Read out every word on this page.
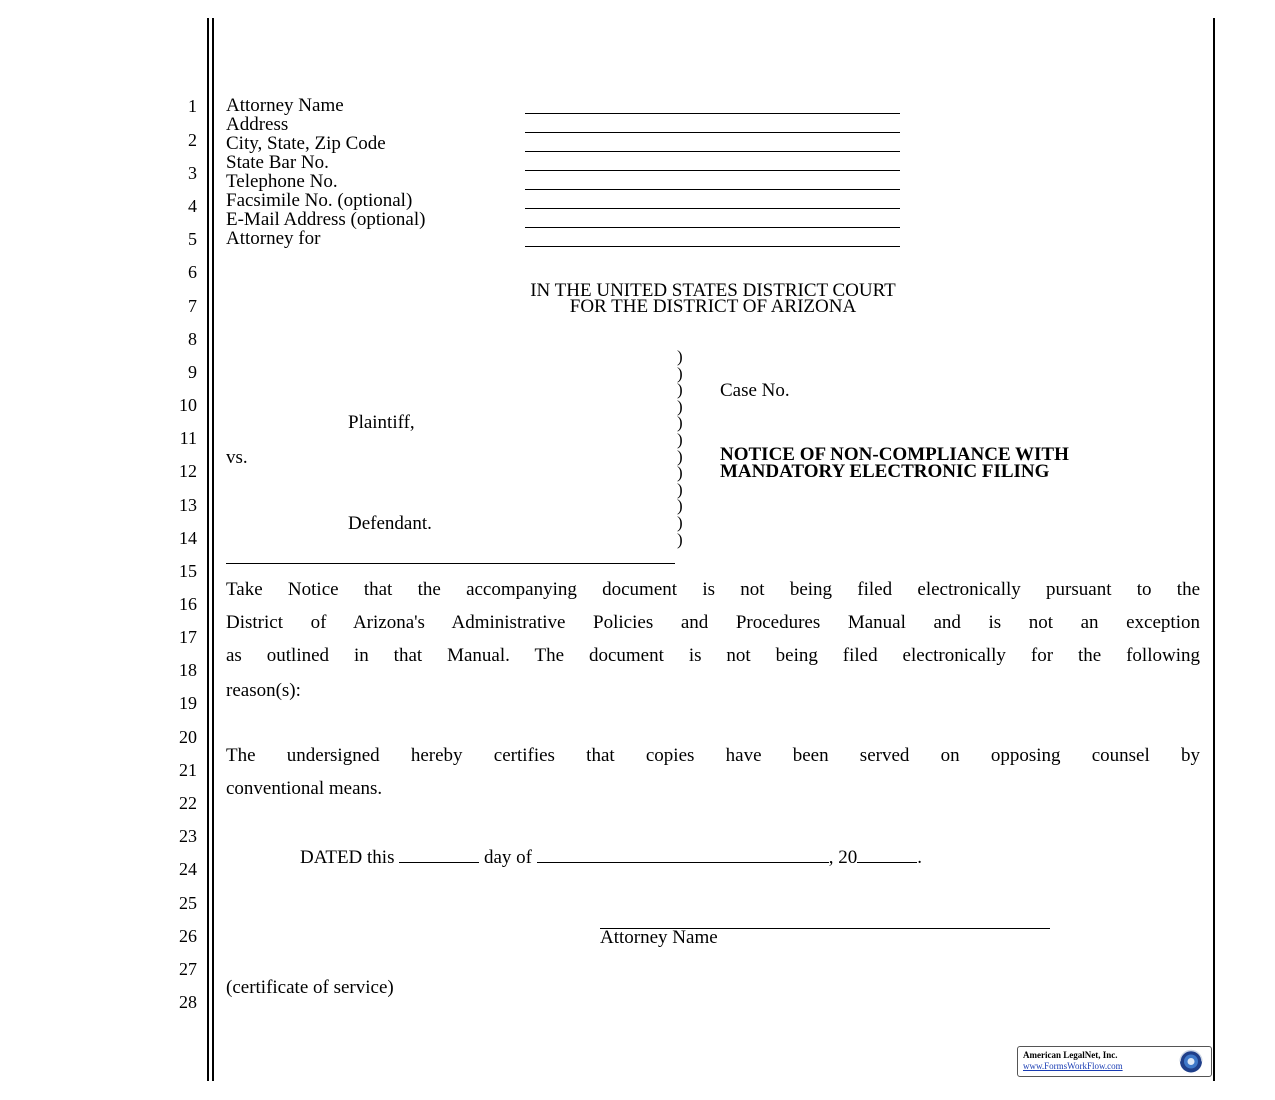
1
2
3
4
5
6
7
8
9
10
11
12
13
14
15
16
17
18
19
20
21
22
23
24
25
26
27
28
Attorney Name
Address
City, State, Zip Code
State Bar No.
Telephone No.
Facsimile No. (optional)
E-Mail Address (optional)
Attorney for
IN THE UNITED STATES DISTRICT COURT
FOR THE DISTRICT OF ARIZONA
Plaintiff,
vs.
Defendant.
)
)
)
)
)
)
)
)
)
)
)
)
Case No.
NOTICE OF NON-COMPLIANCE WITH
MANDATORY ELECTRONIC FILING
Take Notice that the accompanying document is not being filed electronically pursuant to the
District of Arizona's Administrative Policies and Procedures Manual and is not an exception
as outlined in that Manual. The document is not being filed electronically for the following
reason(s):
The undersigned hereby certifies that copies have been served on opposing counsel by
conventional means.
DATED this	day of	, 20	.
Attorney Name
(certificate of service)
American LegalNet, Inc.
www.FormsWorkFlow.com
